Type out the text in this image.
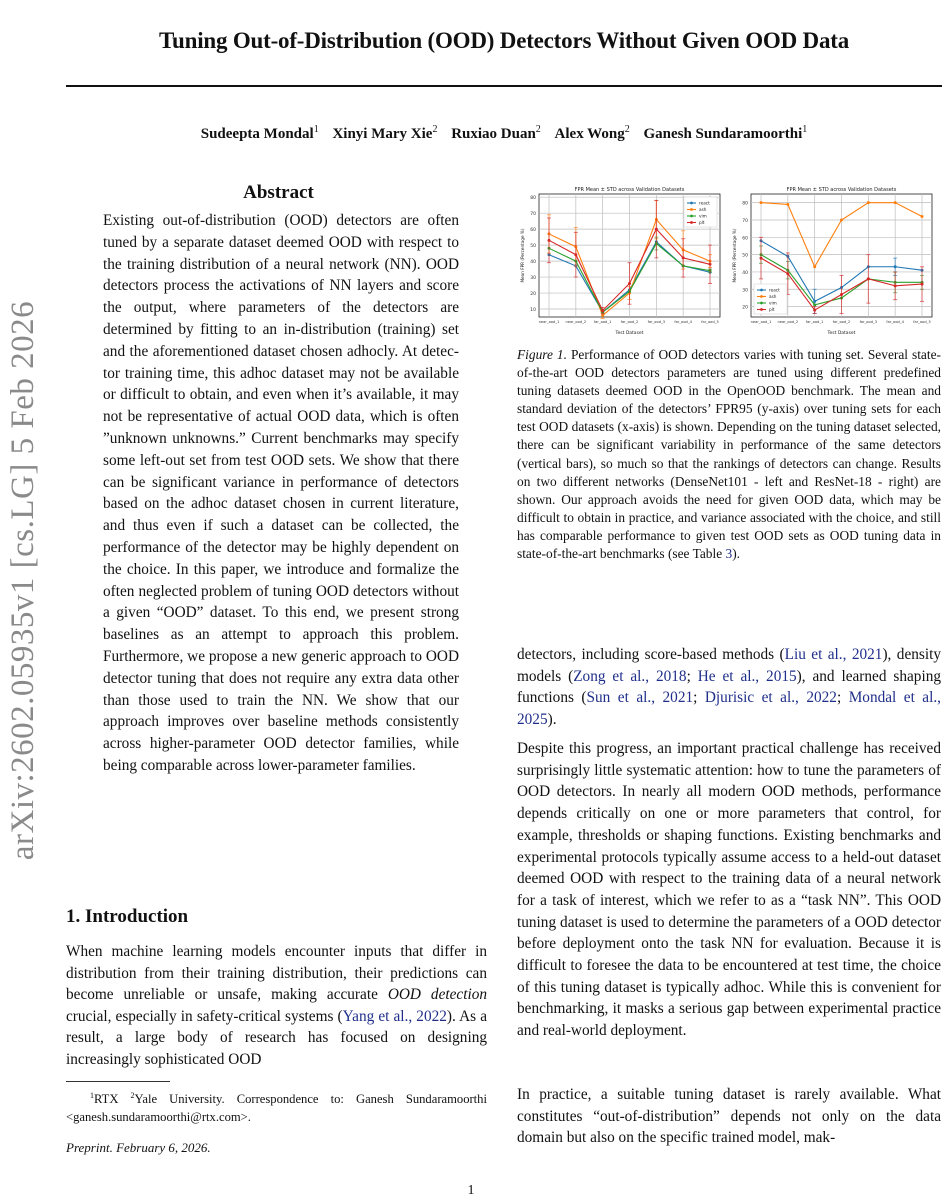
arXiv:2602.05935v1 [cs.LG] 5 Feb 2026
Tuning Out-of-Distribution (OOD) Detectors Without Given OOD Data
Sudeepta Mondal$^1$ Xinyi Mary Xie$^2$ Ruxiao Duan$^2$ Alex Wong$^2$ Ganesh Sundaramoorthi$^1$
Abstract
Existing out-of-distribution (OOD) detectors are often tuned by a separate dataset deemed OOD with respect to the training distribution of a neural network (NN). OOD detectors process the activations of NN layers and score the output, where parameters of the detectors are determined by fitting to an in-distribution (training) set and the aforementioned dataset chosen adhocly. At detector training time, this adhoc dataset may not be available or difficult to obtain, and even when it’s available, it may not be representative of actual OOD data, which is often ”unknown unknowns.” Current benchmarks may specify some left-out set from test OOD sets. We show that there can be significant variance in performance of detectors based on the adhoc dataset chosen in current literature, and thus even if such a dataset can be collected, the performance of the detector may be highly dependent on the choice. In this paper, we introduce and formalize the often neglected problem of tuning OOD detectors without a given “OOD” dataset. To this end, we present strong baselines as an attempt to approach this problem. Furthermore, we propose a new generic approach to OOD detector tuning that does not require any extra data other than those used to train the NN. We show that our approach improves over baseline methods consistently across higher-parameter OOD detector families, while being comparable across lower-parameter families.
1. Introduction
When machine learning models encounter inputs that differ in distribution from their training distribution, their predictions can become unreliable or unsafe, making accurate OOD detection crucial, especially in safety-critical systems (Yang et al., 2022). As a result, a large body of research has focused on designing increasingly sophisticated OOD
$^1$RTX $^2$Yale University. Correspondence to: Ganesh Sundaramoorthi <ganesh.sundaramoorthi@rtx.com>.
Preprint. February 6, 2026.
1
10
20
30
40
50
60
70
80
FPR Mean ± STD across Validation Datasets
Test Dataset
Mean FPR (Percentage %)
near_ood_1 near_ood_2 far_ood_1	far_ood_2	far_ood_3	far_ood_4	far_ood_5
react
ash
vim
plt
20
30
40
50
60
70
80
FPR Mean ± STD across Validation Datasets
Test Dataset
Mean FPR (Percentage %)
near_ood_1 near_ood_2 far_ood_1	far_ood_2	far_ood_3	far_ood_4	far_ood_5
react
ash
vim
plt
Figure 1. Performance of OOD detectors varies with tuning set. Several state-of-the-art OOD detectors parameters are tuned using different predefined tuning datasets deemed OOD in the OpenOOD benchmark. The mean and standard deviation of the detectors’ FPR95 (y-axis) over tuning sets for each test OOD datasets (x-axis) is shown. Depending on the tuning dataset selected, there can be significant variability in performance of the same detectors (vertical bars), so much so that the rankings of detectors can change. Results on two different networks (DenseNet101 - left and ResNet-18 - right) are shown. Our approach avoids the need for given OOD data, which may be difficult to obtain in practice, and variance associated with the choice, and still has comparable performance to given test OOD sets as OOD tuning data in state-of-the-art benchmarks (see Table 3).
detectors, including score-based methods (Liu et al., 2021), density models (Zong et al., 2018; He et al., 2015), and learned shaping functions (Sun et al., 2021; Djurisic et al., 2022; Mondal et al., 2025).
Despite this progress, an important practical challenge has received surprisingly little systematic attention: how to tune the parameters of OOD detectors. In nearly all modern OOD methods, performance depends critically on one or more parameters that control, for example, thresholds or shaping functions. Existing benchmarks and experimental protocols typically assume access to a held-out dataset deemed OOD with respect to the training data of a neural network for a task of interest, which we refer to as a “task NN”. This OOD tuning dataset is used to determine the parameters of a OOD detector before deployment onto the task NN for evaluation. Because it is difficult to foresee the data to be encountered at test time, the choice of this tuning dataset is typically adhoc. While this is convenient for benchmarking, it masks a serious gap between experimental practice and real-world deployment.
In practice, a suitable tuning dataset is rarely available. What constitutes “out-of-distribution” depends not only on the data domain but also on the specific trained model, mak-
